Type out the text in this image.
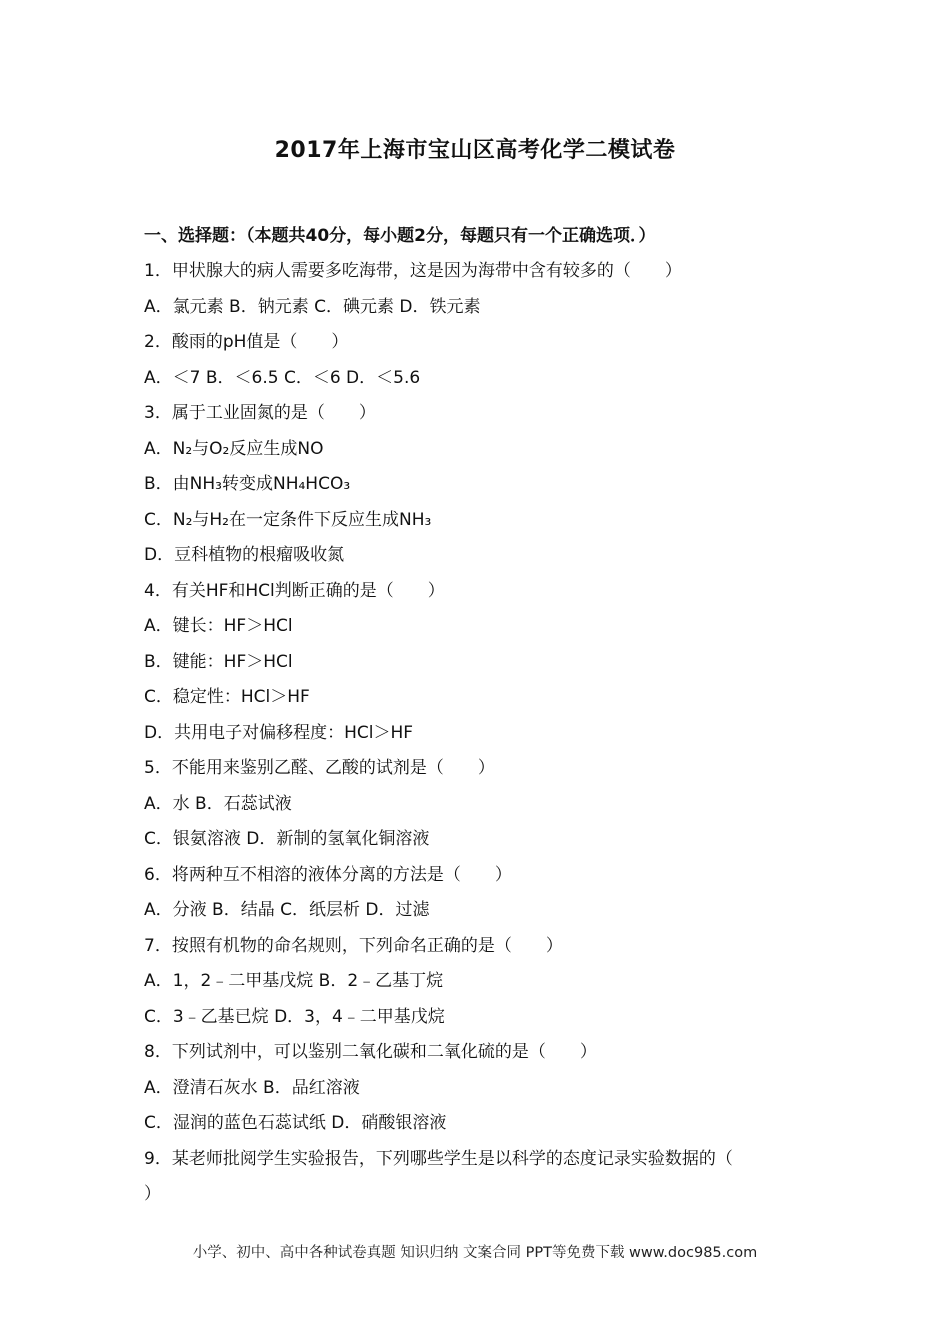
2017年上海市宝山区高考化学二模试卷
一、选择题：（本题共40分，每小题2分，每题只有一个正确选项．）
1．甲状腺大的病人需要多吃海带，这是因为海带中含有较多的（　　）
A．氯元素 B．钠元素 C．碘元素 D．铁元素
2．酸雨的pH值是（　　）
A．＜7 B．＜6.5 C．＜6 D．＜5.6
3．属于工业固氮的是（　　）
A．N₂与O₂反应生成NO
B．由NH₃转变成NH₄HCO₃
C．N₂与H₂在一定条件下反应生成NH₃
D．豆科植物的根瘤吸收氮
4．有关HF和HCl判断正确的是（　　）
A．键长：HF＞HCl
B．键能：HF＞HCl
C．稳定性：HCl＞HF
D．共用电子对偏移程度：HCl＞HF
5．不能用来鉴别乙醛、乙酸的试剂是（　　）
A．水 B．石蕊试液
C．银氨溶液 D．新制的氢氧化铜溶液
6．将两种互不相溶的液体分离的方法是（　　）
A．分液 B．结晶 C．纸层析 D．过滤
7．按照有机物的命名规则，下列命名正确的是（　　）
A．1，2﹣二甲基戊烷 B．2﹣乙基丁烷
C．3﹣乙基已烷 D．3，4﹣二甲基戊烷
8．下列试剂中，可以鉴别二氧化碳和二氧化硫的是（　　）
A．澄清石灰水 B．品红溶液
C．湿润的蓝色石蕊试纸 D．硝酸银溶液
9．某老师批阅学生实验报告，下列哪些学生是以科学的态度记录实验数据的（
）
小学、初中、高中各种试卷真题 知识归纳 文案合同 PPT等免费下载 www.doc985.com
